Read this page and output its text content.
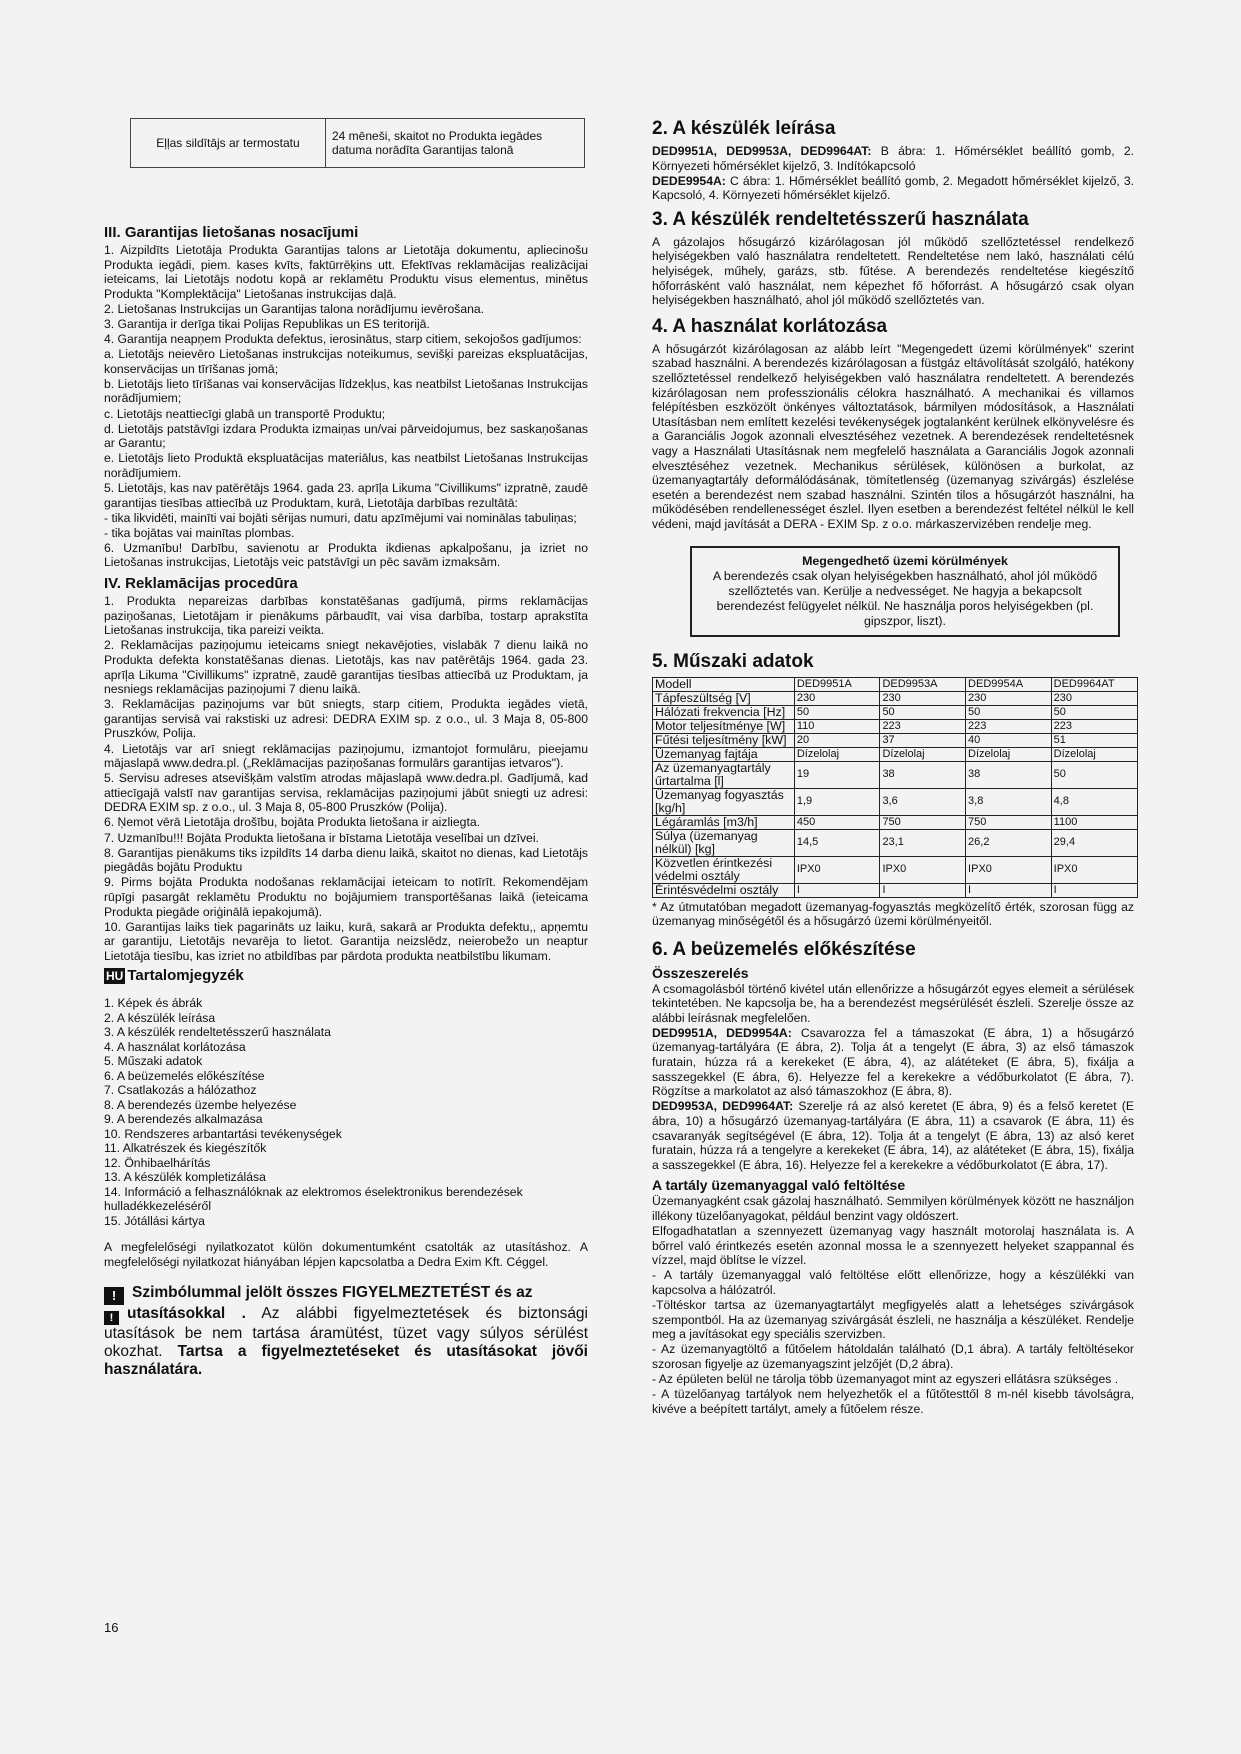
Eļļas sildītājs ar termostatu	24 mēneši, skaitot no Produkta iegādes datuma norādīta Garantijas talonā
III. Garantijas lietošanas nosacījumi

1. Aizpildīts Lietotāja Produkta Garantijas talons ar Lietotāja dokumentu, apliecinošu Produkta iegādi, piem. kases kvīts, faktūrrēķins utt. Efektīvas reklamācijas realizācijai ieteicams, lai Lietotājs nodotu kopā ar reklamētu Produktu visus elementus, minētus Produkta "Komplektācija" Lietošanas instrukcijas daļā.

2. Lietošanas Instrukcijas un Garantijas talona norādījumu ievērošana.

3. Garantija ir derīga tikai Polijas Republikas un ES teritorijā.

4. Garantija neapņem Produkta defektus, ierosinātus, starp citiem, sekojošos gadījumos:

a. Lietotājs neievēro Lietošanas instrukcijas noteikumus, sevišķi pareizas ekspluatācijas, konservācijas un tīrīšanas jomā;

b. Lietotājs lieto tīrīšanas vai konservācijas līdzekļus, kas neatbilst Lietošanas Instrukcijas norādījumiem;

c. Lietotājs neattiecīgi glabā un transportē Produktu;

d. Lietotājs patstāvīgi izdara Produkta izmaiņas un/vai pārveidojumus, bez saskaņošanas ar Garantu;

e. Lietotājs lieto Produktā ekspluatācijas materiālus, kas neatbilst Lietošanas Instrukcijas norādījumiem.

5. Lietotājs, kas nav patērētājs 1964. gada 23. aprīļa Likuma "Civillikums" izpratnē, zaudē garantijas tiesības attiecībā uz Produktam, kurā, Lietotāja darbības rezultātā:

- tika likvidēti, mainīti vai bojāti sērijas numuri, datu apzīmējumi vai nominālas tabuliņas;

- tika bojātas vai mainītas plombas.

6. Uzmanību! Darbību, savienotu ar Produkta ikdienas apkalpošanu, ja izriet no Lietošanas instrukcijas, Lietotājs veic patstāvīgi un pēc savām izmaksām.

IV. Reklamācijas procedūra

1. Produkta nepareizas darbības konstatēšanas gadījumā, pirms reklamācijas paziņošanas, Lietotājam ir pienākums pārbaudīt, vai visa darbība, tostarp aprakstīta Lietošanas instrukcija, tika pareizi veikta.

2. Reklamācijas paziņojumu ieteicams sniegt nekavējoties, vislabāk 7 dienu laikā no Produkta defekta konstatēšanas dienas. Lietotājs, kas nav patērētājs 1964. gada 23. aprīļa Likuma "Civillikums" izpratnē, zaudē garantijas tiesības attiecībā uz Produktam, ja nesniegs reklamācijas paziņojumi 7 dienu laikā.

3. Reklamācijas paziņojums var būt sniegts, starp citiem, Produkta iegādes vietā, garantijas servisā vai rakstiski uz adresi: DEDRA EXIM sp. z o.o., ul. 3 Maja 8, 05-800 Pruszków, Polija.

4. Lietotājs var arī sniegt reklāmacijas paziņojumu, izmantojot formulāru, pieejamu mājaslapā www.dedra.pl. („Reklāmacijas paziņošanas formulārs garantijas ietvaros").

5. Servisu adreses atsevišķām valstīm atrodas mājaslapā www.dedra.pl. Gadījumā, kad attiecīgajā valstī nav garantijas servisa, reklamācijas paziņojumi jābūt sniegti uz adresi: DEDRA EXIM sp. z o.o., ul. 3 Maja 8, 05-800 Pruszków (Polija).

6. Ņemot vērā Lietotāja drošību, bojāta Produkta lietošana ir aizliegta.

7. Uzmanību!!! Bojāta Produkta lietošana ir bīstama Lietotāja veselībai un dzīvei.

8. Garantijas pienākums tiks izpildīts 14 darba dienu laikā, skaitot no dienas, kad Lietotājs piegādās bojātu Produktu

9. Pirms bojāta Produkta nodošanas reklamācijai ieteicam to notīrīt. Rekomendējam rūpīgi pasargāt reklamētu Produktu no bojājumiem transportēšanas laikā (ieteicama Produkta piegāde oriģinālā iepakojumā).

10. Garantijas laiks tiek pagarināts uz laiku, kurā, sakarā ar Produkta defektu,, apņemtu ar garantiju, Lietotājs nevarēja to lietot. Garantija neizslēdz, neierobežo un neaptur Lietotāja tiesību, kas izriet no atbildības par pārdota produkta neatbilstību likumam.

HU Tartalomjegyzék

1. Képek és ábrák

2. A készülék leírása

3. A készülék rendeltetésszerű használata

4. A használat korlátozása

5. Műszaki adatok

6. A beüzemelés előkészítése

7. Csatlakozás a hálózathoz

8. A berendezés üzembe helyezése

9. A berendezés alkalmazása

10. Rendszeres arbantartási tevékenységek

11. Alkatrészek és kiegészítők

12. Önhibaelhárítás

13. A készülék kompletizálása

14. Információ a felhasználóknak az elektromos éselektronikus berendezések hulladékkezeléséről

15. Jótállási kártya

A megfelelőségi nyilatkozatot külön dokumentumként csatolták az utasításhoz. A megfelelőségi nyilatkozat hiányában lépjen kapcsolatba a Dedra Exim Kft. Céggel.
! Szimbólummal jelölt összes FIGYELMEZTETÉST és az
! utasításokkal . Az alábbi figyelmeztetések és biztonsági utasítások be nem tartása áramütést, tüzet vagy súlyos sérülést okozhat. Tartsa a figyelmeztetéseket és utasításokat jövői használatára.
16
2. A készülék leírása

DED9951A, DED9953A, DED9964AT: B ábra: 1. Hőmérséklet beállító gomb, 2. Környezeti hőmérséklet kijelző, 3. Indítókapcsoló

DEDE9954A: C ábra: 1. Hőmérséklet beállító gomb, 2. Megadott hőmérséklet kijelző, 3. Kapcsoló, 4. Környezeti hőmérséklet kijelző.

3. A készülék rendeltetésszerű használata
A gázolajos hősugárzó kizárólagosan jól működő szellőztetéssel rendelkező helyiségekben való használatra rendeltetett. Rendeltetése nem lakó, használati célú helyiségek, műhely, garázs, stb. fűtése. A berendezés rendeltetése kiegészítő hőforrásként való használat, nem képezhet fő hőforrást. A hősugárzó csak olyan helyiségekben használható, ahol jól működő szellőztetés van.
4. A használat korlátozása
A hősugárzót kizárólagosan az alább leírt "Megengedett üzemi körülmények" szerint szabad használni. A berendezés kizárólagosan a füstgáz eltávolítását szolgáló, hatékony szellőztetéssel rendelkező helyiségekben való használatra rendeltetett. A berendezés kizárólagosan nem professzionális célokra használható. A mechanikai és villamos felépítésben eszközölt önkényes változtatások, bármilyen módosítások, a Használati Utasításban nem említett kezelési tevékenységek jogtalanként kerülnek elkönyvelésre és a Garanciális Jogok azonnali elvesztéséhez vezetnek. A berendezések rendeltetésnek vagy a Használati Utasításnak nem megfelelő használata a Garanciális Jogok azonnali elvesztéséhez vezetnek. Mechanikus sérülések, különösen a burkolat, az üzemanyagtartály deformálódásának, tömítetlenség (üzemanyag szivárgás) észlelése esetén a berendezést nem szabad használni. Szintén tilos a hősugárzót használni, ha működésében rendellenességet észlel. Ilyen esetben a berendezést feltétel nélkül le kell védeni, majd javítását a DERA - EXIM Sp. z o.o. márkaszervizében rendelje meg.

Megengedhető üzemi körülmények

A berendezés csak olyan helyiségekben használható, ahol jól működő szellőztetés van. Kerülje a nedvességet. Ne hagyja a bekapcsolt berendezést felügyelet nélkül. Ne használja poros helyiségekben (pl. gipszpor, liszt).

5. Műszaki adatok
Modell	DED9951A	DED9953A	DED9954A	DED9964AT
Tápfeszültség [V]	230	230	230	230
Hálózati frekvencia [Hz]	50	50	50	50
Motor teljesítménye [W]	110	223	223	223
Fűtési teljesítmény [kW]	20	37	40	51
Üzemanyag fajtája	Dízelolaj	Dízelolaj	Dízelolaj	Dízelolaj
Az üzemanyagtartály űrtartalma [l]	19	38	38	50
Üzemanyag fogyasztás [kg/h]	1,9	3,6	3,8	4,8
Légáramlás [m3/h]	450	750	750	1100
Súlya (üzemanyag nélkül) [kg]	14,5	23,1	26,2	29,4
Közvetlen érintkezési védelmi osztály	IPX0	IPX0	IPX0	IPX0
Érintésvédelmi osztály	I	I	I	I
* Az útmutatóban megadott üzemanyag-fogyasztás megközelítő érték, szorosan függ az üzemanyag minőségétől és a hősugárzó üzemi körülményeitől.
6. A beüzemelés előkészítése
Összeszerelés

A csomagolásból történő kivétel után ellenőrizze a hősugárzót egyes elemeit a sérülések tekintetében. Ne kapcsolja be, ha a berendezést megsérülését észleli. Szerelje össze az alábbi leírásnak megfelelően.

DED9951A, DED9954A: Csavarozza fel a támaszokat (E ábra, 1) a hősugárzó üzemanyag-tartályára (E ábra, 2). Tolja át a tengelyt (E ábra, 3) az első támaszok furatain, húzza rá a kerekeket (E ábra, 4), az alátéteket (E ábra, 5), fixálja a sasszegekkel (E ábra, 6). Helyezze fel a kerekekre a védőburkolatot (E ábra, 7). Rögzítse a markolatot az alsó támaszokhoz (E ábra, 8).

DED9953A, DED9964AT: Szerelje rá az alsó keretet (E ábra, 9) és a felső keretet (E ábra, 10) a hősugárzó üzemanyag-tartályára (E ábra, 11) a csavarok (E ábra, 11) és csavaranyák segítségével (E ábra, 12). Tolja át a tengelyt (E ábra, 13) az alsó keret furatain, húzza rá a tengelyre a kerekeket (E ábra, 14), az alátéteket (E ábra, 15), fixálja a sasszegekkel (E ábra, 16). Helyezze fel a kerekekre a védőburkolatot (E ábra, 17).

A tartály üzemanyaggal való feltöltése

Üzemanyagként csak gázolaj használható. Semmilyen körülmények között ne használjon illékony tüzelőanyagokat, például benzint vagy oldószert.

Elfogadhatatlan a szennyezett üzemanyag vagy használt motorolaj használata is. A bőrrel való érintkezés esetén azonnal mossa le a szennyezett helyeket szappannal és vízzel, majd öblítse le vízzel.

- A tartály üzemanyaggal való feltöltése előtt ellenőrizze, hogy a készülékki van kapcsolva a hálózatról.

-Töltéskor tartsa az üzemanyagtartályt megfigyelés alatt a lehetséges szivárgások szempontból. Ha az üzemanyag szivárgását észleli, ne használja a készüléket. Rendelje meg a javításokat egy speciális szervizben.

- Az üzemanyagtöltő a fűtőelem hátoldalán található (D,1 ábra). A tartály feltöltésekor szorosan figyelje az üzemanyagszint jelzőjét (D,2 ábra).

- Az épületen belül ne tárolja több üzemanyagot mint az egyszeri ellátásra szükséges .

- A tüzelőanyag tartályok nem helyezhetők el a fűtőtesttől 8 m-nél kisebb távolságra, kivéve a beépített tartályt, amely a fűtőelem része.
